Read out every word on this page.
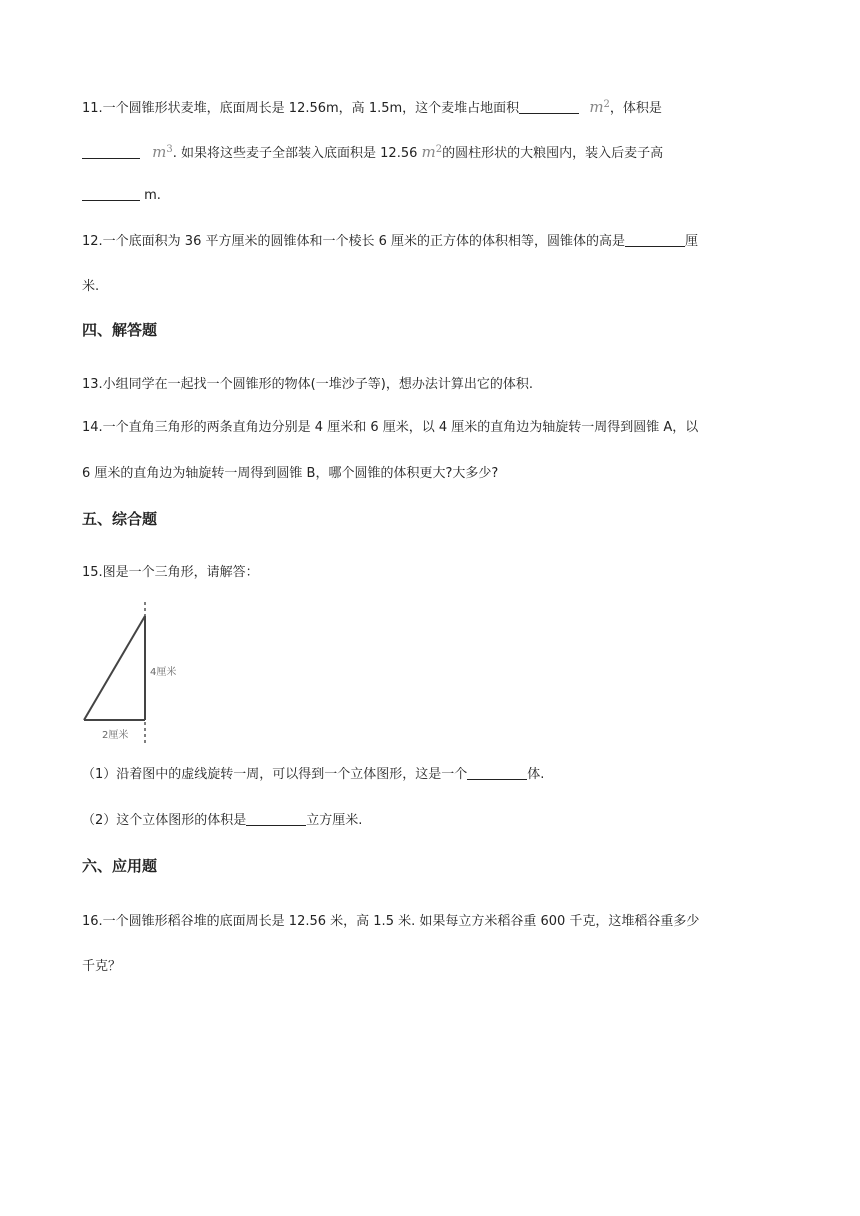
11.一个圆锥形状麦堆，底面周长是 12.56m，高 1.5m，这个麦堆占地面积	$m^2$，体积是
$m^3$. 如果将这些麦子全部装入底面积是 12.56 $m^2$的圆柱形状的大粮囤内，装入后麦子高
m.
12.一个底面积为 36 平方厘米的圆锥体和一个棱长 6 厘米的正方体的体积相等，圆锥体的高是	厘
米.
四、解答题
13.小组同学在一起找一个圆锥形的物体(一堆沙子等)，想办法计算出它的体积.
14.一个直角三角形的两条直角边分别是 4 厘米和 6 厘米，以 4 厘米的直角边为轴旋转一周得到圆锥 A，以
6 厘米的直角边为轴旋转一周得到圆锥 B，哪个圆锥的体积更大?大多少?
五、综合题
15.图是一个三角形，请解答：
4厘米
2厘米
（1）沿着图中的虚线旋转一周，可以得到一个立体图形，这是一个	体.
（2）这个立体图形的体积是	立方厘米.
六、应用题
16.一个圆锥形稻谷堆的底面周长是 12.56 米，高 1.5 米. 如果每立方米稻谷重 600 千克，这堆稻谷重多少
千克？
